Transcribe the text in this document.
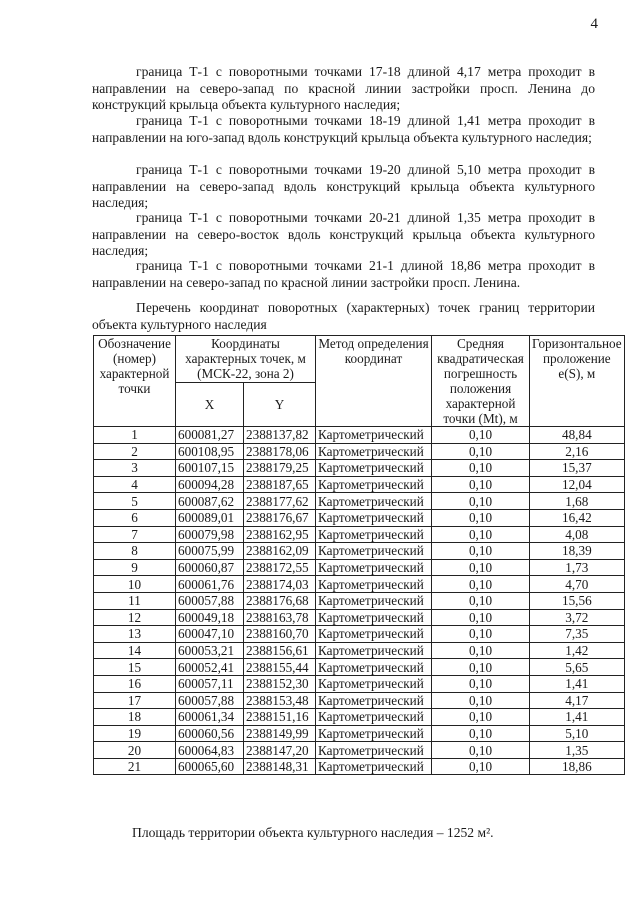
4

граница Т-1 с поворотными точками 17-18 длиной 4,17 метра проходит в направлении на северо-запад по красной линии застройки просп. Ленина до конструкций крыльца объекта культурного наследия;

граница Т-1 с поворотными точками 18-19 длиной 1,41 метра проходит в направлении на юго-запад вдоль конструкций крыльца объекта культурного наследия;

граница Т-1 с поворотными точками 19-20 длиной 5,10 метра проходит в направлении на северо-запад вдоль конструкций крыльца объекта культурного наследия;

граница Т-1 с поворотными точками 20-21 длиной 1,35 метра проходит в направлении на северо-восток вдоль конструкций крыльца объекта культурного наследия;

граница Т-1 с поворотными точками 21-1 длиной 18,86 метра проходит в направлении на северо-запад по красной линии застройки просп. Ленина.

Перечень координат поворотных (характерных) точек границ территории объекта культурного наследия

Обозначение (номер) характерной точки	Координаты характерных точек, м (МСК-22, зона 2)		Метод определения координат	Средняя квадратическая погрешность положения характерной точки (Mt), м	Горизонтальное проложение e(S), м
	X	Y			
1	600081,27	2388137,82	Картометрический	0,10	48,84
2	600108,95	2388178,06	Картометрический	0,10	2,16
3	600107,15	2388179,25	Картометрический	0,10	15,37
4	600094,28	2388187,65	Картометрический	0,10	12,04
5	600087,62	2388177,62	Картометрический	0,10	1,68
6	600089,01	2388176,67	Картометрический	0,10	16,42
7	600079,98	2388162,95	Картометрический	0,10	4,08
8	600075,99	2388162,09	Картометрический	0,10	18,39
9	600060,87	2388172,55	Картометрический	0,10	1,73
10	600061,76	2388174,03	Картометрический	0,10	4,70
11	600057,88	2388176,68	Картометрический	0,10	15,56
12	600049,18	2388163,78	Картометрический	0,10	3,72
13	600047,10	2388160,70	Картометрический	0,10	7,35
14	600053,21	2388156,61	Картометрический	0,10	1,42
15	600052,41	2388155,44	Картометрический	0,10	5,65
16	600057,11	2388152,30	Картометрический	0,10	1,41
17	600057,88	2388153,48	Картометрический	0,10	4,17
18	600061,34	2388151,16	Картометрический	0,10	1,41
19	600060,56	2388149,99	Картометрический	0,10	5,10
20	600064,83	2388147,20	Картометрический	0,10	1,35
21	600065,60	2388148,31	Картометрический	0,10	18,86
Площадь территории объекта культурного наследия – 1252 м².
